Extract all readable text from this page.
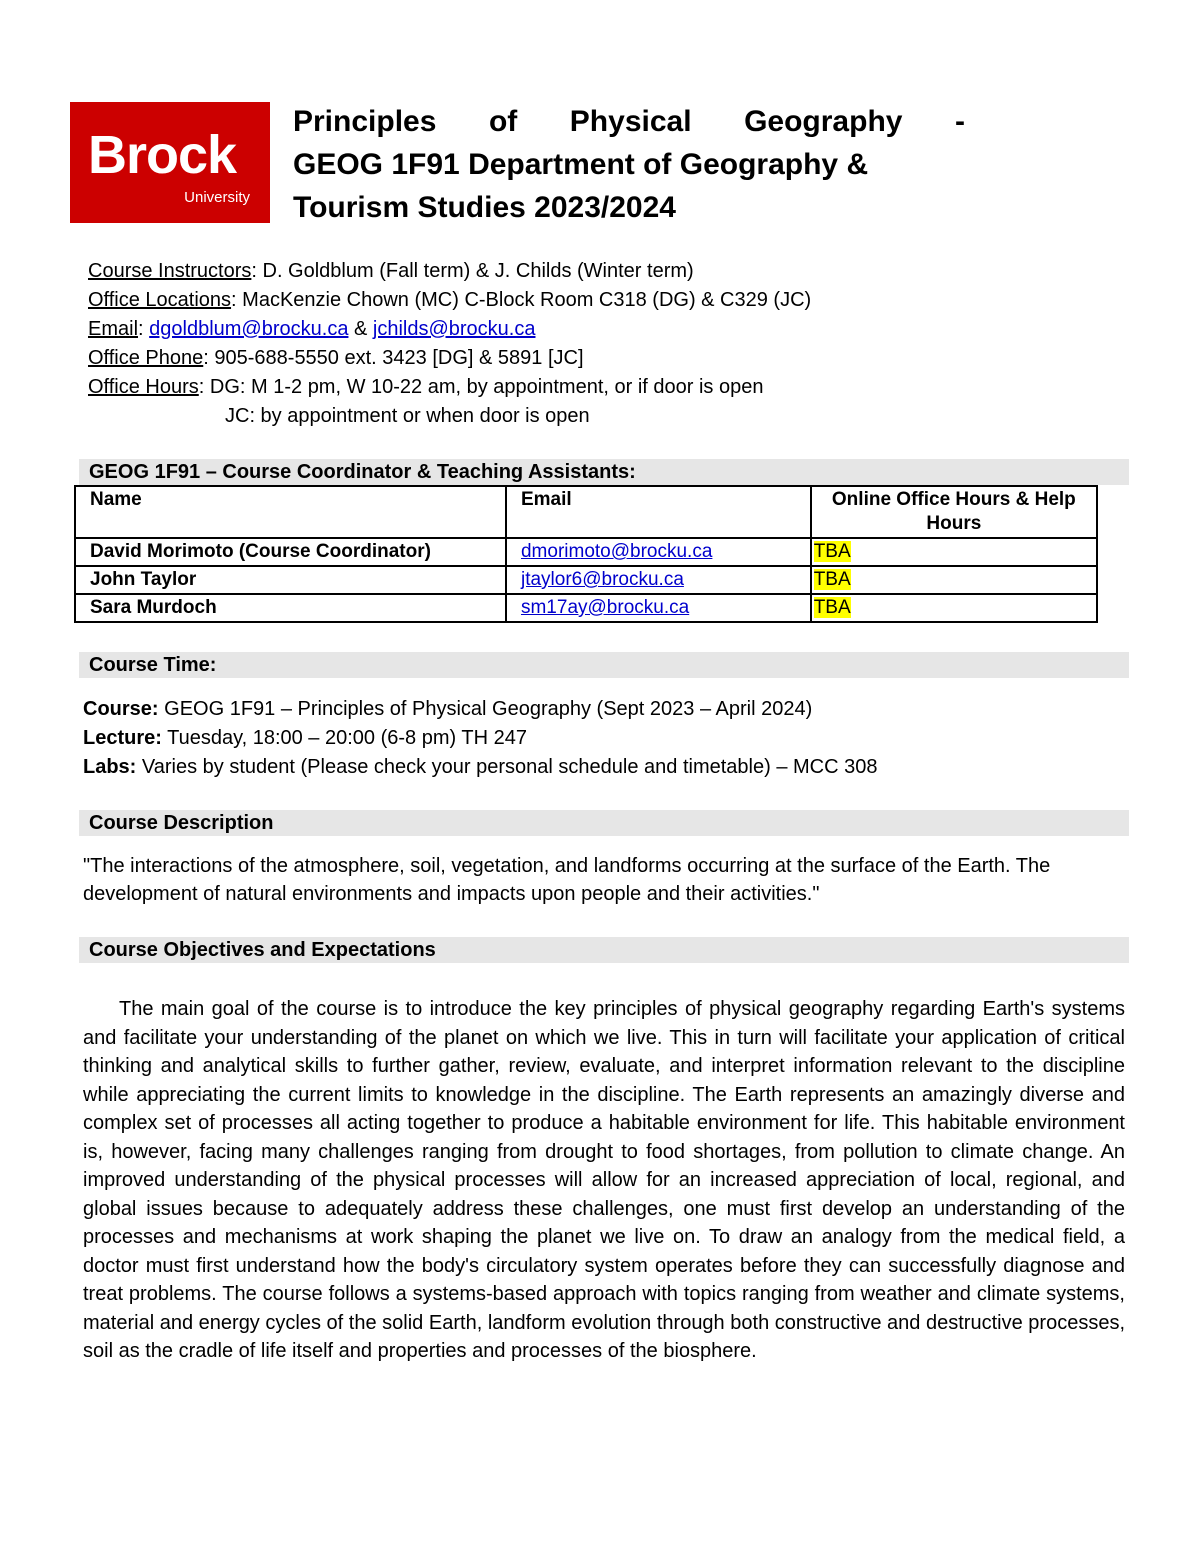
Brock
University
Principles of Physical Geography -
GEOG 1F91 Department of Geography &
Tourism Studies 2023/2024
Course Instructors: D. Goldblum (Fall term) & J. Childs (Winter term)
Office Locations: MacKenzie Chown (MC) C-Block Room C318 (DG) & C329 (JC)
Email: dgoldblum@brocku.ca & jchilds@brocku.ca
Office Phone: 905-688-5550 ext. 3423 [DG] & 5891 [JC]
Office Hours: DG: M 1-2 pm, W 10-22 am, by appointment, or if door is open
JC: by appointment or when door is open
GEOG 1F91 – Course Coordinator & Teaching Assistants:
Name	Email	Online Office Hours & Help Hours
David Morimoto (Course Coordinator)	dmorimoto@brocku.ca	TBA
John Taylor	jtaylor6@brocku.ca	TBA
Sara Murdoch	sm17ay@brocku.ca	TBA
Course Time:
Course: GEOG 1F91 – Principles of Physical Geography (Sept 2023 – April 2024)
Lecture: Tuesday, 18:00 – 20:00 (6-8 pm) TH 247
Labs: Varies by student (Please check your personal schedule and timetable) – MCC 308
Course Description
"The interactions of the atmosphere, soil, vegetation, and landforms occurring at the surface of the Earth. The development of natural environments and impacts upon people and their activities."
Course Objectives and Expectations

The main goal of the course is to introduce the key principles of physical geography regarding Earth's systems and facilitate your understanding of the planet on which we live. This in turn will facilitate your application of critical thinking and analytical skills to further gather, review, evaluate, and interpret information relevant to the discipline while appreciating the current limits to knowledge in the discipline. The Earth represents an amazingly diverse and complex set of processes all acting together to produce a habitable environment for life. This habitable environment is, however, facing many challenges ranging from drought to food shortages, from pollution to climate change. An improved understanding of the physical processes will allow for an increased appreciation of local, regional, and global issues because to adequately address these challenges, one must first develop an understanding of the processes and mechanisms at work shaping the planet we live on. To draw an analogy from the medical field, a doctor must first understand how the body's circulatory system operates before they can successfully diagnose and treat problems. The course follows a systems-based approach with topics ranging from weather and climate systems, material and energy cycles of the solid Earth, landform evolution through both constructive and destructive processes, soil as the cradle of life itself and properties and processes of the biosphere.
